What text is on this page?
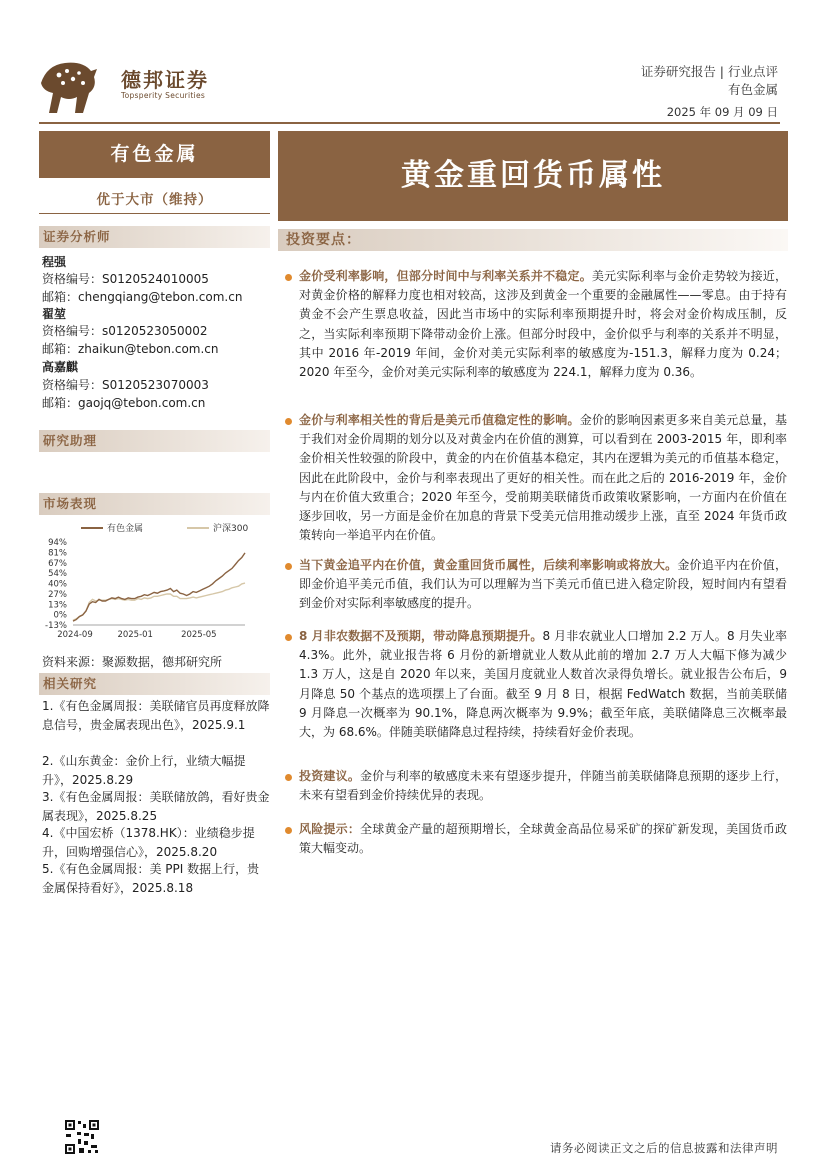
德邦证券
Topsperity Securities
证券研究报告 | 行业点评
有色金属
2025 年 09 月 09 日
有色金属
优于大市（维持）
证券分析师
程强
资格编号：S0120524010005
邮箱：chengqiang@tebon.com.cn
翟堃
资格编号：s0120523050002
邮箱：zhaikun@tebon.com.cn
高嘉麒
资格编号：S0120523070003
邮箱：gaojq@tebon.com.cn
研究助理
市场表现
有色金属	沪深300
94%
81%
67%
54%
40%
27%
13%
0%
-13%
2024-09	2025-01	2025-05
资料来源：聚源数据，德邦研究所
相关研究
1.《有色金属周报：美联储官员再度释放降息信号，贵金属表现出色》，2025.9.1
2.《山东黄金：金价上行，业绩大幅提升》，2025.8.29
3.《有色金属周报：美联储放鸽，看好贵金属表现》，2025.8.25
4.《中国宏桥（1378.HK）：业绩稳步提升，回购增强信心》，2025.8.20
5.《有色金属周报：美 PPI 数据上行，贵金属保持看好》，2025.8.18
黄金重回货币属性
投资要点：
金价受利率影响，但部分时间中与利率关系并不稳定。美元实际利率与金价走势较为接近，对黄金价格的解释力度也相对较高，这涉及到黄金一个重要的金融属性——零息。由于持有黄金不会产生票息收益，因此当市场中的实际利率预期提升时，将会对金价构成压制，反之，当实际利率预期下降带动金价上涨。但部分时段中，金价似乎与利率的关系并不明显，其中 2016 年-2019 年间，金价对美元实际利率的敏感度为-151.3，解释力度为 0.24；2020 年至今，金价对美元实际利率的敏感度为 224.1，解释力度为 0.36。
金价与利率相关性的背后是美元币值稳定性的影响。金价的影响因素更多来自美元总量，基于我们对金价周期的划分以及对黄金内在价值的测算，可以看到在 2003-2015 年，即利率金价相关性较强的阶段中，黄金的内在价值基本稳定，其内在逻辑为美元的币值基本稳定，因此在此阶段中，金价与利率表现出了更好的相关性。而在此之后的 2016-2019 年，金价与内在价值大致重合；2020 年至今，受前期美联储货币政策收紧影响，一方面内在价值在逐步回收，另一方面是金价在加息的背景下受美元信用推动缓步上涨，直至 2024 年货币政策转向一举追平内在价值。
当下黄金追平内在价值，黄金重回货币属性，后续利率影响或将放大。金价追平内在价值，即金价追平美元币值，我们认为可以理解为当下美元币值已进入稳定阶段，短时间内有望看到金价对实际利率敏感度的提升。
8 月非农数据不及预期，带动降息预期提升。8 月非农就业人口增加 2.2 万人。8 月失业率 4.3%。此外，就业报告将 6 月份的新增就业人数从此前的增加 2.7 万人大幅下修为减少 1.3 万人，这是自 2020 年以来，美国月度就业人数首次录得负增长。就业报告公布后，9 月降息 50 个基点的选项摆上了台面。截至 9 月 8 日，根据 FedWatch 数据，当前美联储 9 月降息一次概率为 90.1%，降息两次概率为 9.9%；截至年底，美联储降息三次概率最大，为 68.6%。伴随美联储降息过程持续，持续看好金价表现。
投资建议。金价与利率的敏感度未来有望逐步提升，伴随当前美联储降息预期的逐步上行，未来有望看到金价持续优异的表现。
风险提示：全球黄金产量的超预期增长，全球黄金高品位易采矿的探矿新发现，美国货币政策大幅变动。
请务必阅读正文之后的信息披露和法律声明
